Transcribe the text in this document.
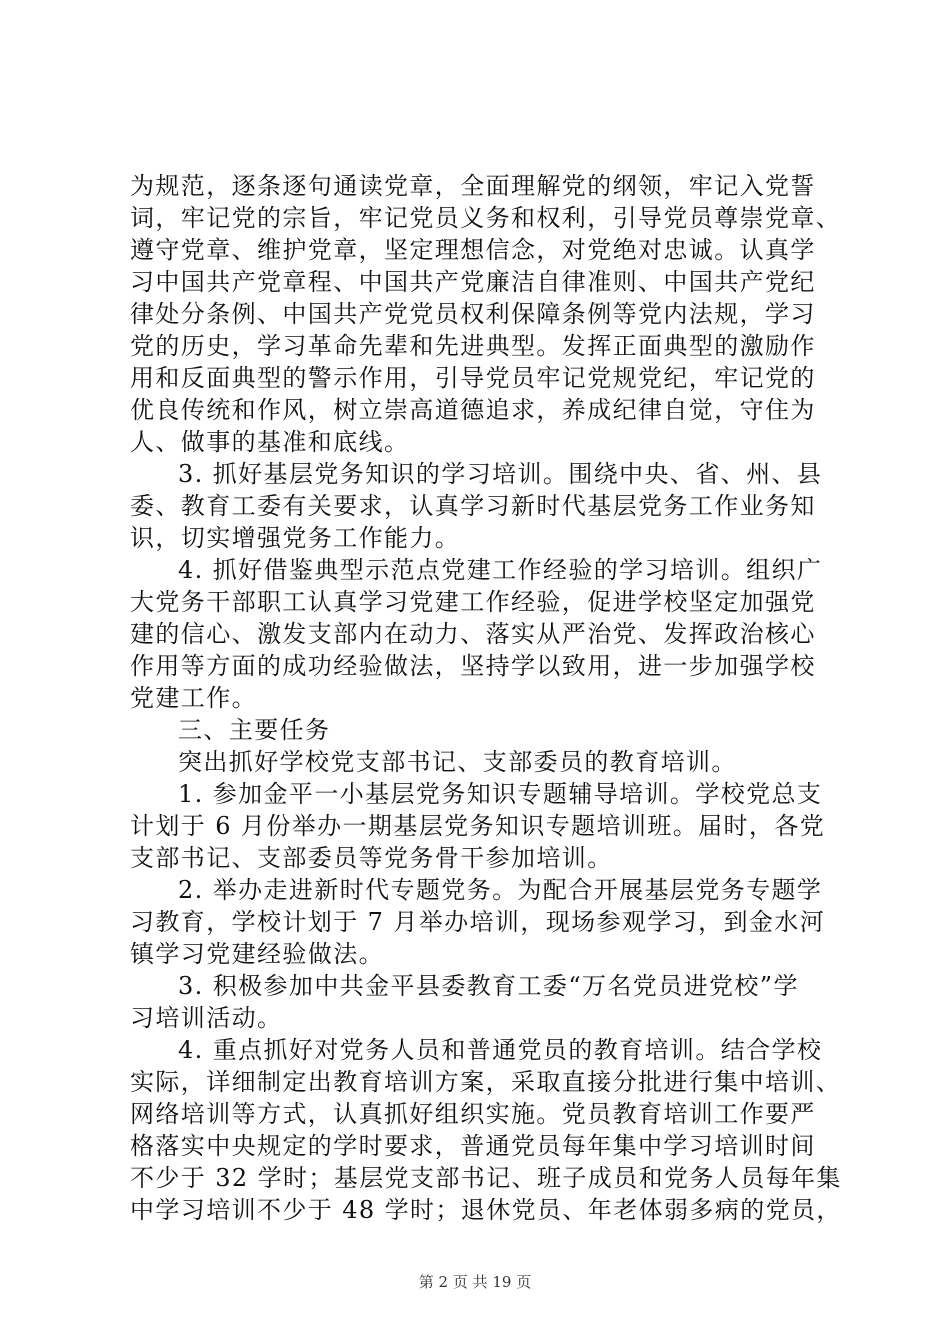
为规范，逐条逐句通读党章，全面理解党的纲领，牢记入党誓
词，牢记党的宗旨，牢记党员义务和权利，引导党员尊崇党章、
遵守党章、维护党章，坚定理想信念，对党绝对忠诚。认真学
习中国共产党章程、中国共产党廉洁自律准则、中国共产党纪
律处分条例、中国共产党党员权利保障条例等党内法规，学习
党的历史，学习革命先辈和先进典型。发挥正面典型的激励作
用和反面典型的警示作用，引导党员牢记党规党纪，牢记党的
优良传统和作风，树立崇高道德追求，养成纪律自觉，守住为
人、做事的基准和底线。
3. 抓好基层党务知识的学习培训。围绕中央、省、州、县
委、教育工委有关要求，认真学习新时代基层党务工作业务知
识，切实增强党务工作能力。
4. 抓好借鉴典型示范点党建工作经验的学习培训。组织广
大党务干部职工认真学习党建工作经验，促进学校坚定加强党
建的信心、激发支部内在动力、落实从严治党、发挥政治核心
作用等方面的成功经验做法，坚持学以致用，进一步加强学校
党建工作。
三、主要任务
突出抓好学校党支部书记、支部委员的教育培训。
1. 参加金平一小基层党务知识专题辅导培训。学校党总支
计划于 6 月份举办一期基层党务知识专题培训班。届时，各党
支部书记、支部委员等党务骨干参加培训。
2. 举办走进新时代专题党务。为配合开展基层党务专题学
习教育，学校计划于 7 月举办培训，现场参观学习，到金水河
镇学习党建经验做法。
3. 积极参加中共金平县委教育工委“万名党员进党校”学
习培训活动。
4. 重点抓好对党务人员和普通党员的教育培训。结合学校
实际，详细制定出教育培训方案，采取直接分批进行集中培训、
网络培训等方式，认真抓好组织实施。党员教育培训工作要严
格落实中央规定的学时要求，普通党员每年集中学习培训时间
不少于 32 学时；基层党支部书记、班子成员和党务人员每年集
中学习培训不少于 48 学时；退休党员、年老体弱多病的党员，
第 2 页 共 19 页
